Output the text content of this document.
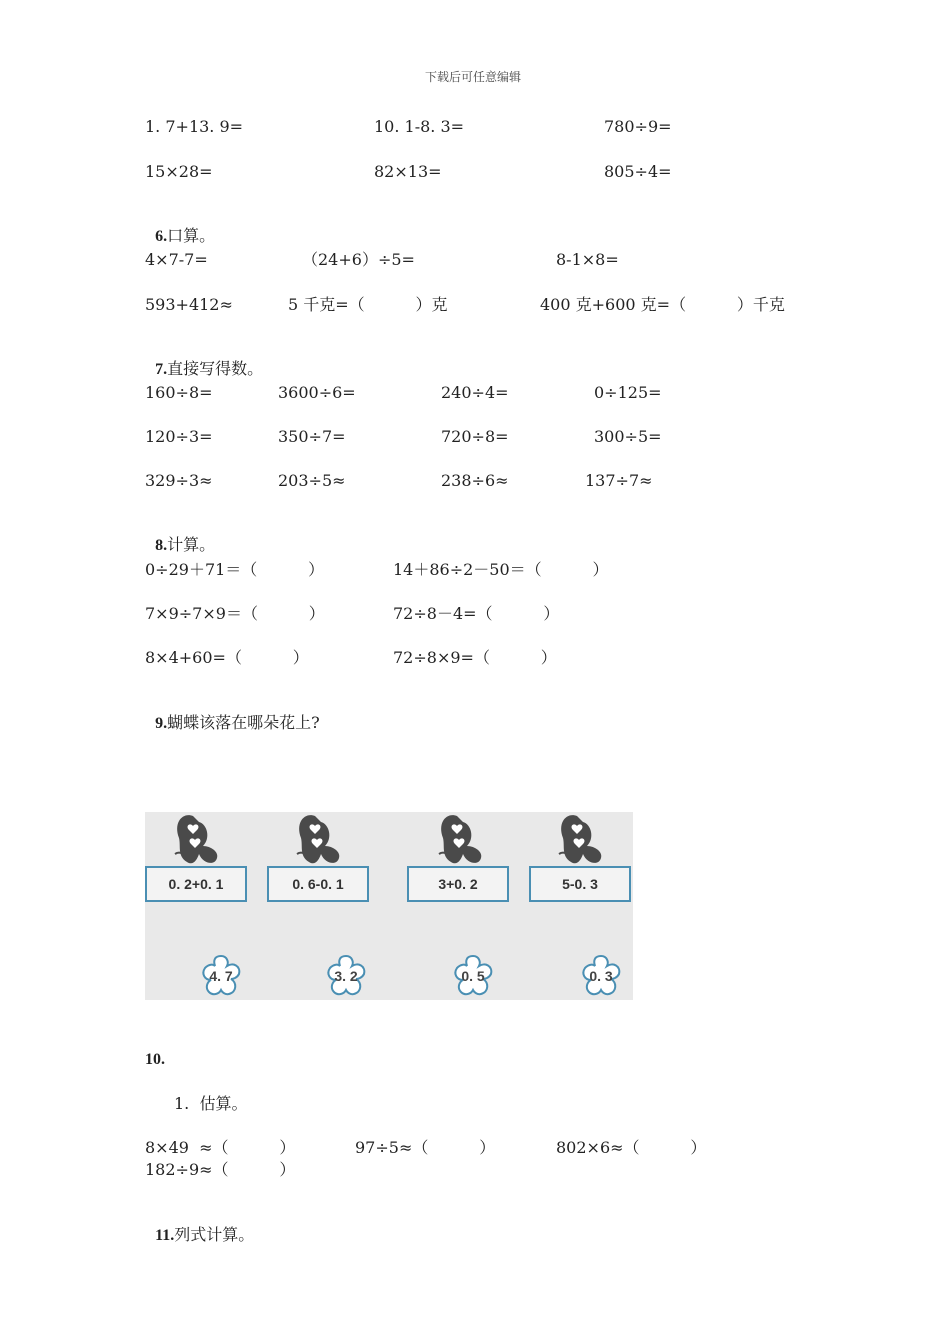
下载后可任意编辑
1. 7+13. 9=	10. 1-8. 3=	780÷9=
15×28=	82×13=	805÷4=

6.口算。

4×7-7=	（24+6）÷5=	8-1×8=
593+412≈	5 千克=（          ）克	400 克+600 克=（          ）千克

7.直接写得数。

160÷8=	3600÷6=	240÷4=	0÷125=
120÷3=	350÷7=	720÷8=	300÷5=
329÷3≈	203÷5≈	238÷6≈	137÷7≈

8.计算。

0÷29＋71＝（          ）	14＋86÷2－50＝（          ）
7×9÷7×9＝（          ）	72÷8－4=（          ）
8×4+60=（          ）	72÷8×9=（          ）

9.蝴蝶该落在哪朵花上?

0. 2+0. 1	0. 6-0. 1	3+0. 2	5-0. 3
4. 7	3. 2	0. 5	0. 3
10.
1.  估算。
8×49  ≈（          ）	97÷5≈（          ）	802×6≈（          ）
182÷9≈（          ）

11.列式计算。
